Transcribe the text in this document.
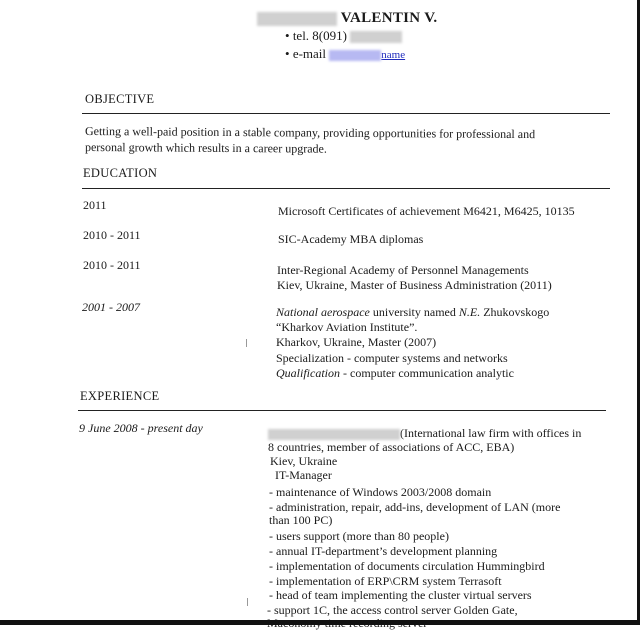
VALENTIN V.
• tel. 8(091)
• e-mail	name
OBJECTIVE
Getting a well-paid position in a stable company, providing opportunities for professional and
personal growth which results in a career upgrade.
EDUCATION
2011	Microsoft Certificates of achievement M6421, M6425, 10135
2010 - 2011	SIC-Academy MBA diplomas
2010 - 2011	Inter-Regional Academy of Personnel Managements
Kiev, Ukraine, Master of Business Administration (2011)
2001 - 2007	National aerospace university named N.E. Zhukovskogo
“Kharkov Aviation Institute”.
Kharkov, Ukraine, Master (2007)
Specialization - computer systems and networks
Qualification - computer communication analytic
EXPERIENCE
9 June 2008 - present day	(International law firm with offices in
8 countries, member of associations of ACC, EBA)
Kiev, Ukraine
IT-Manager
- maintenance of Windows 2003/2008 domain
- administration, repair, add-ins, development of LAN (more
than 100 PC)
- users support (more than 80 people)
- annual IT-department’s development planning
- implementation of documents circulation Hummingbird
- implementation of ERP\CRM system Terrasoft
- head of team implementing the cluster virtual servers
- support 1C, the access control server Golden Gate,
